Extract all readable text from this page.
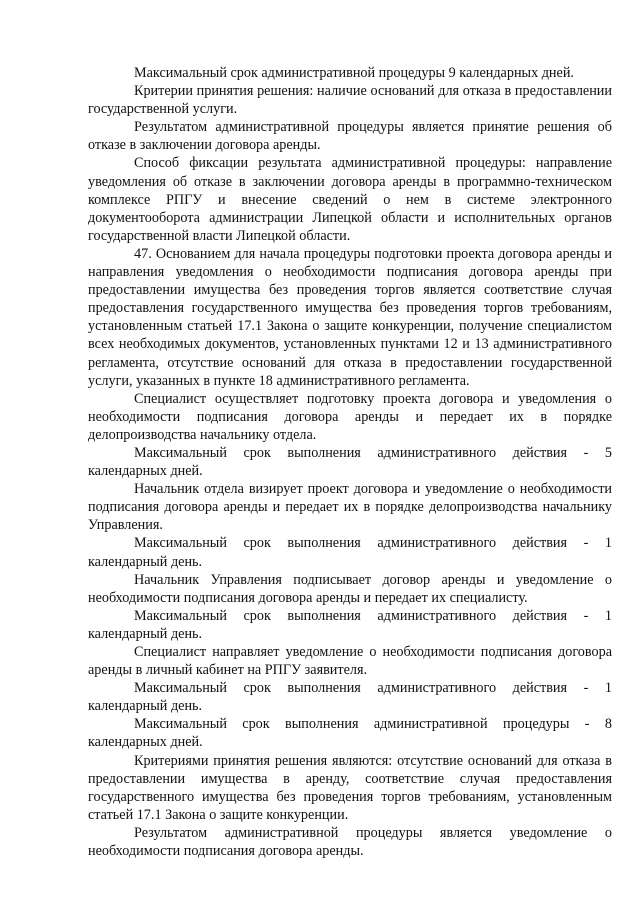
Максимальный срок административной процедуры 9 календарных дней.

Критерии принятия решения: наличие оснований для отказа в предоставлении государственной услуги.

Результатом административной процедуры является принятие решения об отказе в заключении договора аренды.

Способ фиксации результата административной процедуры: направление уведомления об отказе в заключении договора аренды в программно-техническом комплексе РПГУ и внесение сведений о нем в системе электронного документооборота администрации Липецкой области и исполнительных органов государственной власти Липецкой области.

47. Основанием для начала процедуры подготовки проекта договора аренды и направления уведомления о необходимости подписания договора аренды при предоставлении имущества без проведения торгов является соответствие случая предоставления государственного имущества без проведения торгов требованиям, установленным статьей 17.1 Закона о защите конкуренции, получение специалистом всех необходимых документов, установленных пунктами 12 и 13 административного регламента, отсутствие оснований для отказа в предоставлении государственной услуги, указанных в пункте 18 административного регламента.

Специалист осуществляет подготовку проекта договора и уведомления о необходимости подписания договора аренды и передает их в порядке делопроизводства начальнику отдела.

Максимальный срок выполнения административного действия - 5 календарных дней.

Начальник отдела визирует проект договора и уведомление о необходимости подписания договора аренды и передает их в порядке делопроизводства начальнику Управления.

Максимальный срок выполнения административного действия - 1 календарный день.

Начальник Управления подписывает договор аренды и уведомление о необходимости подписания договора аренды и передает их специалисту.

Максимальный срок выполнения административного действия - 1 календарный день.

Специалист направляет уведомление о необходимости подписания договора аренды в личный кабинет на РПГУ заявителя.

Максимальный срок выполнения административного действия - 1 календарный день.

Максимальный срок выполнения административной процедуры - 8 календарных дней.

Критериями принятия решения являются: отсутствие оснований для отказа в предоставлении имущества в аренду, соответствие случая предоставления государственного имущества без проведения торгов требованиям, установленным статьей 17.1 Закона о защите конкуренции.

Результатом административной процедуры является уведомление о необходимости подписания договора аренды.
